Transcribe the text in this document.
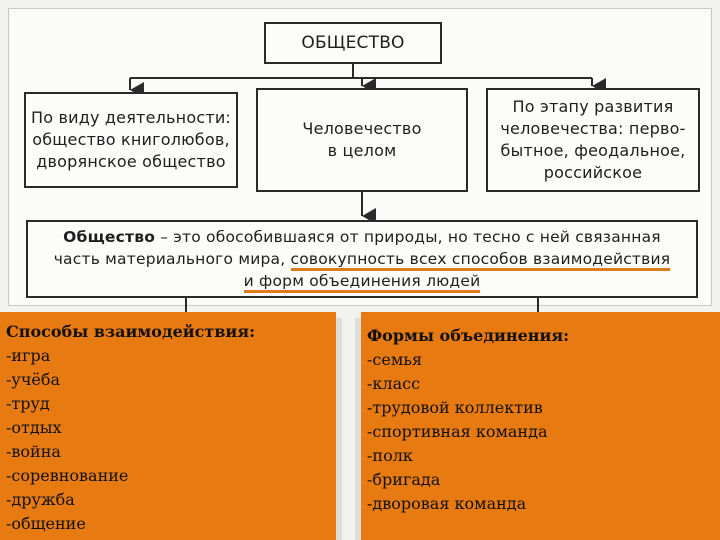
ОБЩЕСТВО
По виду деятельности:
общество книголюбов,
дворянское общество
Человечество
в целом
По этапу развития
человечества: перво-
бытное, феодальное,
российское
Общество – это обособившаяся от природы, но тесно с ней связанная
часть материального мира, совокупность всех способов взаимодействия
и форм объединения людей
Способы взаимодействия:
-игра
-учёба
-труд
-отдых
-война
-соревнование
-дружба
-общение
Формы объединения:
-семья
-класс
-трудовой коллектив
-спортивная команда
-полк
-бригада
-дворовая команда
